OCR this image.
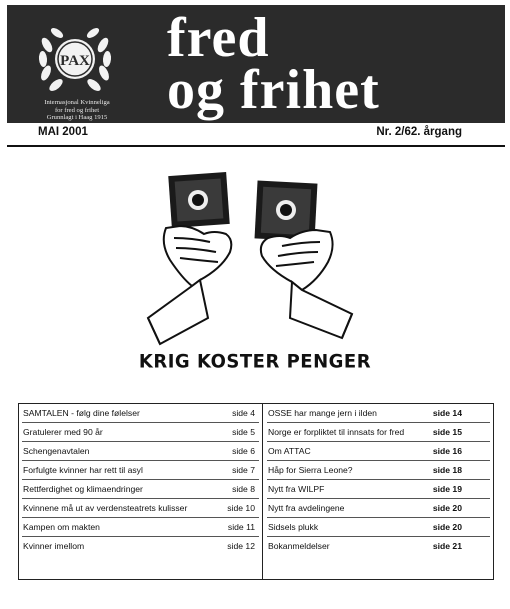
PAX
Internasjonal Kvinneliga
for fred og frihet
Grunnlagt i Haag 1915
fred
og frihet
MAI 2001	Nr. 2/62. årgang
KRIG KOSTER PENGER
SAMTALEN - følg dine følelser	side 4
Gratulerer med 90 år	side 5
Schengenavtalen	side 6
Forfulgte kvinner har rett til asyl	side 7
Rettferdighet og klimaendringer	side 8
Kvinnene må ut av verdensteatrets kulisser	side 10
Kampen om makten	side 11
Kvinner imellom	side 12
OSSE har mange jern i ilden	side 14
Norge er forpliktet til innsats for fred	side 15
Om ATTAC	side 16
Håp for Sierra Leone?	side 18
Nytt fra WILPF	side 19
Nytt fra avdelingene	side 20
Sidsels plukk	side 20
Bokanmeldelser	side 21
